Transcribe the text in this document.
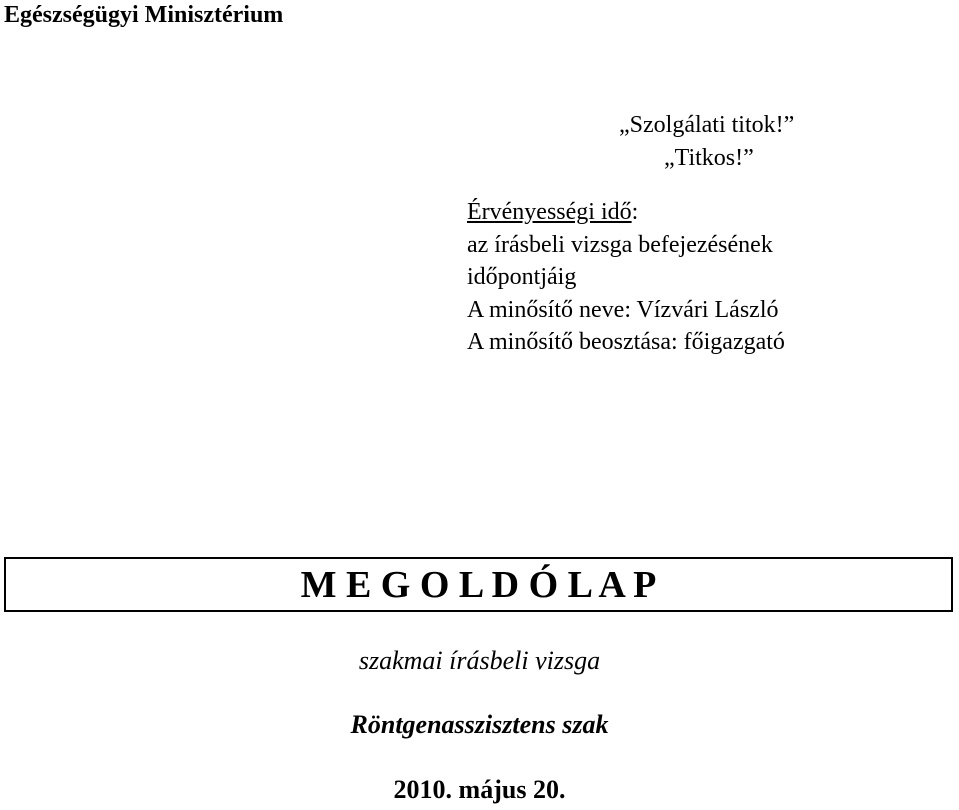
Egészségügyi Minisztérium
„Szolgálati titok!”
„Titkos!”
Érvényességi idő:
az írásbeli vizsga befejezésének
időpontjáig
A minősítő neve: Vízvári László
A minősítő beosztása: főigazgató
M E G O L D Ó L A P
szakmai írásbeli vizsga
Röntgenasszisztens szak
2010. május 20.
